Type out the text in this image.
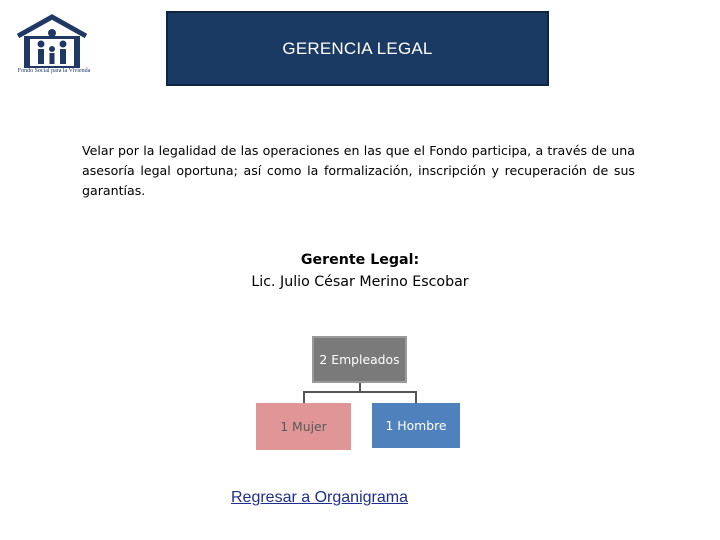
Fondo Social para la Vivienda
GERENCIA LEGAL

Velar por la legalidad de las operaciones en las que el Fondo participa, a través de una asesoría legal oportuna; así como la formalización, inscripción y recuperación de sus garantías.

Gerente Legal:
Lic. Julio César Merino Escobar
2 Empleados
1 Mujer	1 Hombre
Regresar a Organigrama
